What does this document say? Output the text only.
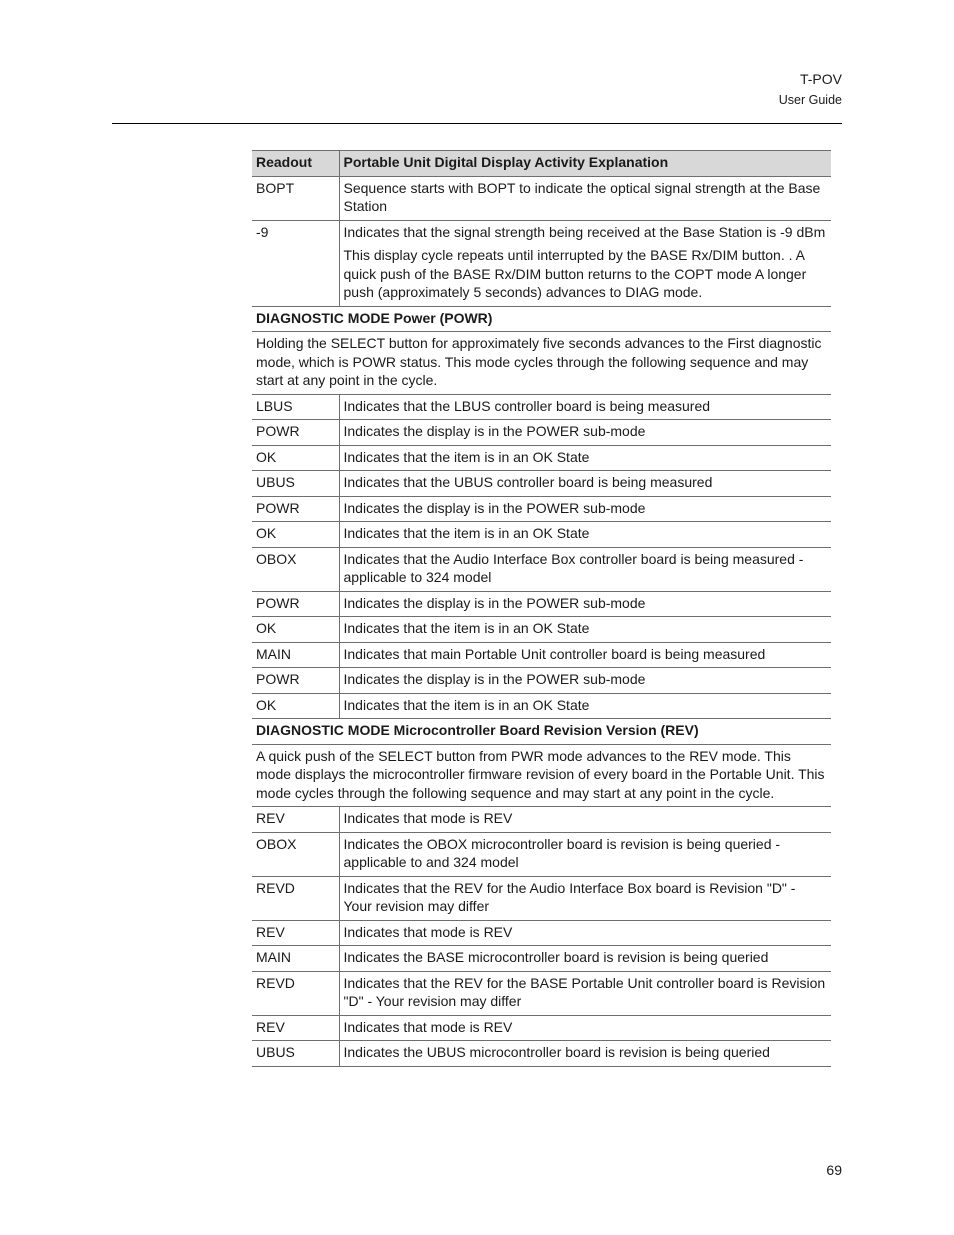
T-POV
User Guide
Readout	Portable Unit Digital Display Activity Explanation
BOPT	Sequence starts with BOPT to indicate the optical signal strength at the Base Station

-9	Indicates that the signal strength being received at the Base Station is -9 dBm

This display cycle repeats until interrupted by the BASE Rx/DIM button. . A quick push of the BASE Rx/DIM button returns to the COPT mode A longer push (approximately 5 seconds) advances to DIAG mode.

DIAGNOSTIC MODE Power (POWR)	
Holding the SELECT button for approximately five seconds advances to the First diagnostic mode, which is POWR status. This mode cycles through the following sequence and may start at any point in the cycle.	
LBUS	Indicates that the LBUS controller board is being measured

POWR	Indicates the display is in the POWER sub-mode

OK	Indicates that the item is in an OK State

UBUS	Indicates that the UBUS controller board is being measured

POWR	Indicates the display is in the POWER sub-mode

OK	Indicates that the item is in an OK State

OBOX	Indicates that the Audio Interface Box controller board is being measured - applicable to 324 model

POWR	Indicates the display is in the POWER sub-mode

OK	Indicates that the item is in an OK State

MAIN	Indicates that main Portable Unit controller board is being measured

POWR	Indicates the display is in the POWER sub-mode

OK	Indicates that the item is in an OK State

DIAGNOSTIC MODE Microcontroller Board Revision Version (REV)	
A quick push of the SELECT button from PWR mode advances to the REV mode. This mode displays the microcontroller firmware revision of every board in the Portable Unit. This mode cycles through the following sequence and may start at any point in the cycle.	
REV	Indicates that mode is REV

OBOX	Indicates the OBOX microcontroller board is revision is being queried - applicable to and 324 model

REVD	Indicates that the REV for the Audio Interface Box board is Revision "D" - Your revision may differ

REV	Indicates that mode is REV

MAIN	Indicates the BASE microcontroller board is revision is being queried

REVD	Indicates that the REV for the BASE Portable Unit controller board is Revision "D" - Your revision may differ

REV	Indicates that mode is REV

UBUS	Indicates the UBUS microcontroller board is revision is being queried

69
